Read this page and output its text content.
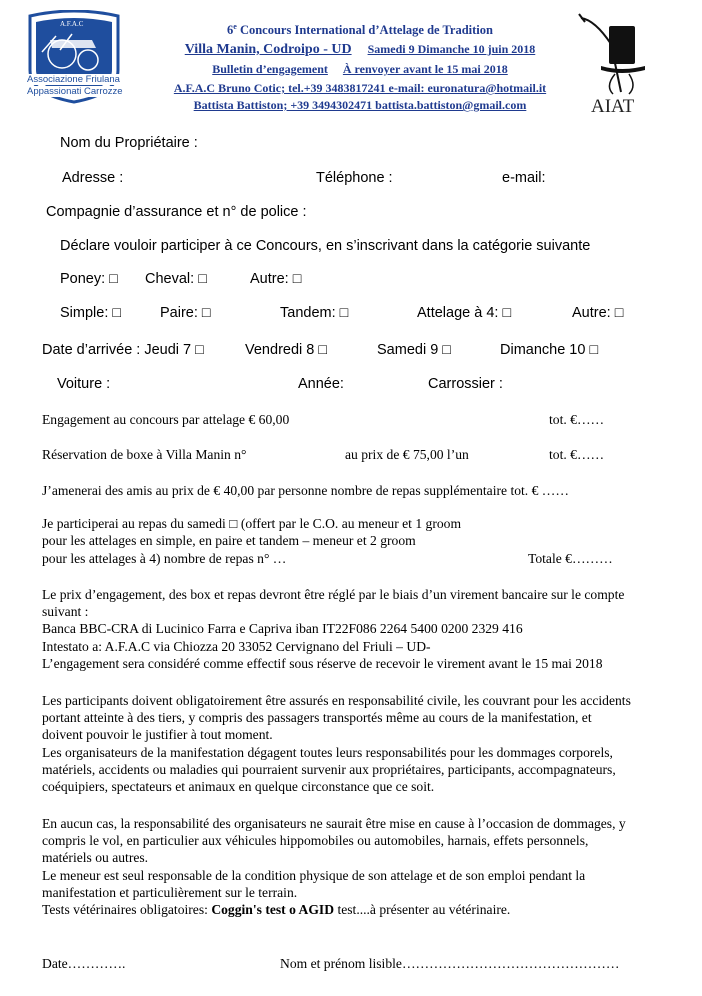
A.F.A.C
Associazione Friulana
Appassionati Carrozze
AIAT
6e Concours International d’Attelage de Tradition
Villa Manin, Codroipo - UD Samedi 9 Dimanche 10 juin 2018
Bulletin d’engagement À renvoyer avant le 15 mai 2018
A.F.A.C Bruno Cotic; tel.+39 3483817241 e-mail: euronatura@hotmail.it
Battista Battiston; +39 3494302471 battista.battiston@gmail.com
Nom du Propriétaire :
Adresse :	Téléphone :	e-mail:
Compagnie d’assurance et n° de police :
Déclare vouloir participer à ce Concours, en s’inscrivant dans la catégorie suivante
Poney: □ Cheval: □	Autre: □
Simple: □	Paire: □	Tandem: □	Attelage à 4: □	Autre: □
Date d’arrivée : Jeudi 7 □	Vendredi 8 □	Samedi 9 □	Dimanche 10 □
Voiture :	Année:	Carrossier :
Engagement au concours par attelage € 60,00	tot. €……
Réservation de boxe à Villa Manin n°	au prix de € 75,00 l’un	tot. €……
J’amenerai des amis au prix de € 40,00 par personne nombre de repas supplémentaire tot. € ……
Je participerai au repas du samedi □ (offert par le C.O. au meneur et 1 groom
pour les attelages en simple, en paire et tandem – meneur et 2 groom
pour les attelages à 4) nombre de repas n° …	Totale €………
Le prix d’engagement, des box et repas devront être réglé par le biais d’un virement bancaire sur le compte
suivant :
Banca BBC-CRA di Lucinico Farra e Capriva iban IT22F086 2264 5400 0200 2329 416
Intestato a: A.F.A.C via Chiozza 20 33052 Cervignano del Friuli – UD-
L’engagement sera considéré comme effectif sous réserve de recevoir le virement avant le 15 mai 2018
Les participants doivent obligatoirement être assurés en responsabilité civile, les couvrant pour les accidents
portant atteinte à des tiers, y compris des passagers transportés même au cours de la manifestation, et
doivent pouvoir le justifier à tout moment.
Les organisateurs de la manifestation dégagent toutes leurs responsabilités pour les dommages corporels,
matériels, accidents ou maladies qui pourraient survenir aux propriétaires, participants, accompagnateurs,
coéquipiers, spectateurs et animaux en quelque circonstance que ce soit.
En aucun cas, la responsabilité des organisateurs ne saurait être mise en cause à l’occasion de dommages, y
compris le vol, en particulier aux véhicules hippomobiles ou automobiles, harnais, effets personnels,
matériels ou autres.
Le meneur est seul responsable de la condition physique de son attelage et de son emploi pendant la
manifestation et particulièrement sur le terrain.
Tests vétérinaires obligatoires: Coggin's test o AGID test....à présenter au vétérinaire.
Date………….	Nom et prénom lisible…………………………………………
